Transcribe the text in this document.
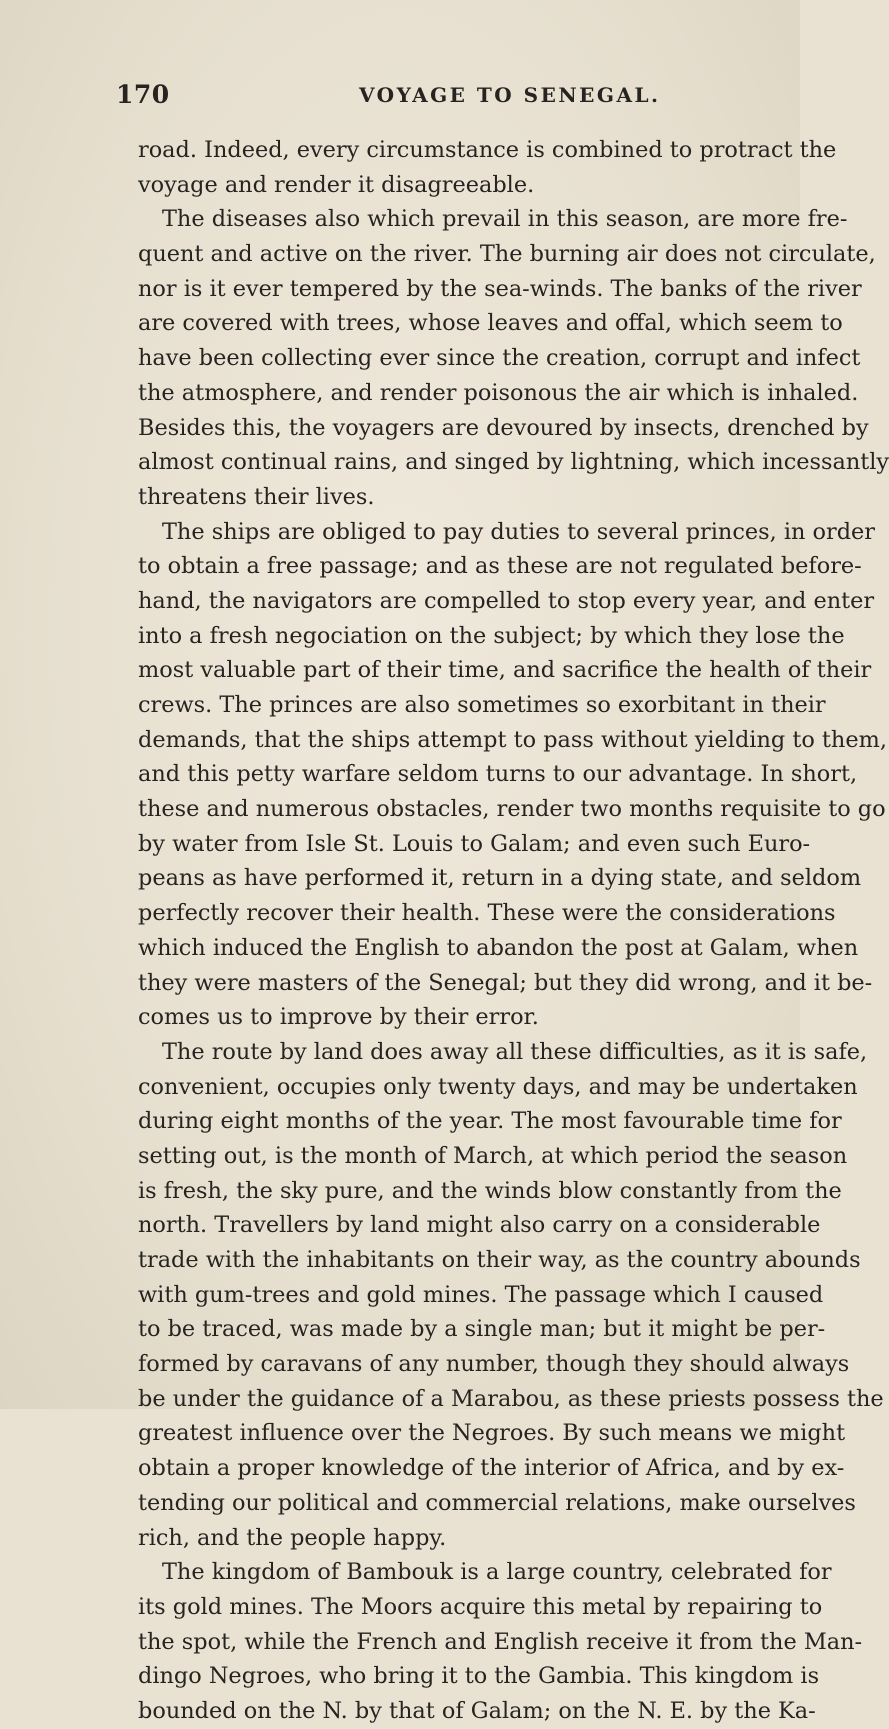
170	VOYAGE TO SENEGAL.
road. Indeed, every circumstance is combined to protract the
voyage and render it disagreeable.
The diseases also which prevail in this season, are more fre-
quent and active on the river. The burning air does not circulate,
nor is it ever tempered by the sea-winds. The banks of the river
are covered with trees, whose leaves and offal, which seem to
have been collecting ever since the creation, corrupt and infect
the atmosphere, and render poisonous the air which is inhaled.
Besides this, the voyagers are devoured by insects, drenched by
almost continual rains, and singed by lightning, which incessantly
threatens their lives.
The ships are obliged to pay duties to several princes, in order
to obtain a free passage; and as these are not regulated before-
hand, the navigators are compelled to stop every year, and enter
into a fresh negociation on the subject; by which they lose the
most valuable part of their time, and sacrifice the health of their
crews. The princes are also sometimes so exorbitant in their
demands, that the ships attempt to pass without yielding to them,
and this petty warfare seldom turns to our advantage. In short,
these and numerous obstacles, render two months requisite to go
by water from Isle St. Louis to Galam; and even such Euro-
peans as have performed it, return in a dying state, and seldom
perfectly recover their health. These were the considerations
which induced the English to abandon the post at Galam, when
they were masters of the Senegal; but they did wrong, and it be-
comes us to improve by their error.
The route by land does away all these difficulties, as it is safe,
convenient, occupies only twenty days, and may be undertaken
during eight months of the year. The most favourable time for
setting out, is the month of March, at which period the season
is fresh, the sky pure, and the winds blow constantly from the
north. Travellers by land might also carry on a considerable
trade with the inhabitants on their way, as the country abounds
with gum-trees and gold mines. The passage which I caused
to be traced, was made by a single man; but it might be per-
formed by caravans of any number, though they should always
be under the guidance of a Marabou, as these priests possess the
greatest influence over the Negroes. By such means we might
obtain a proper knowledge of the interior of Africa, and by ex-
tending our political and commercial relations, make ourselves
rich, and the people happy.
The kingdom of Bambouk is a large country, celebrated for
its gold mines. The Moors acquire this metal by repairing to
the spot, while the French and English receive it from the Man-
dingo Negroes, who bring it to the Gambia. This kingdom is
bounded on the N. by that of Galam; on the N. E. by the Ka-
